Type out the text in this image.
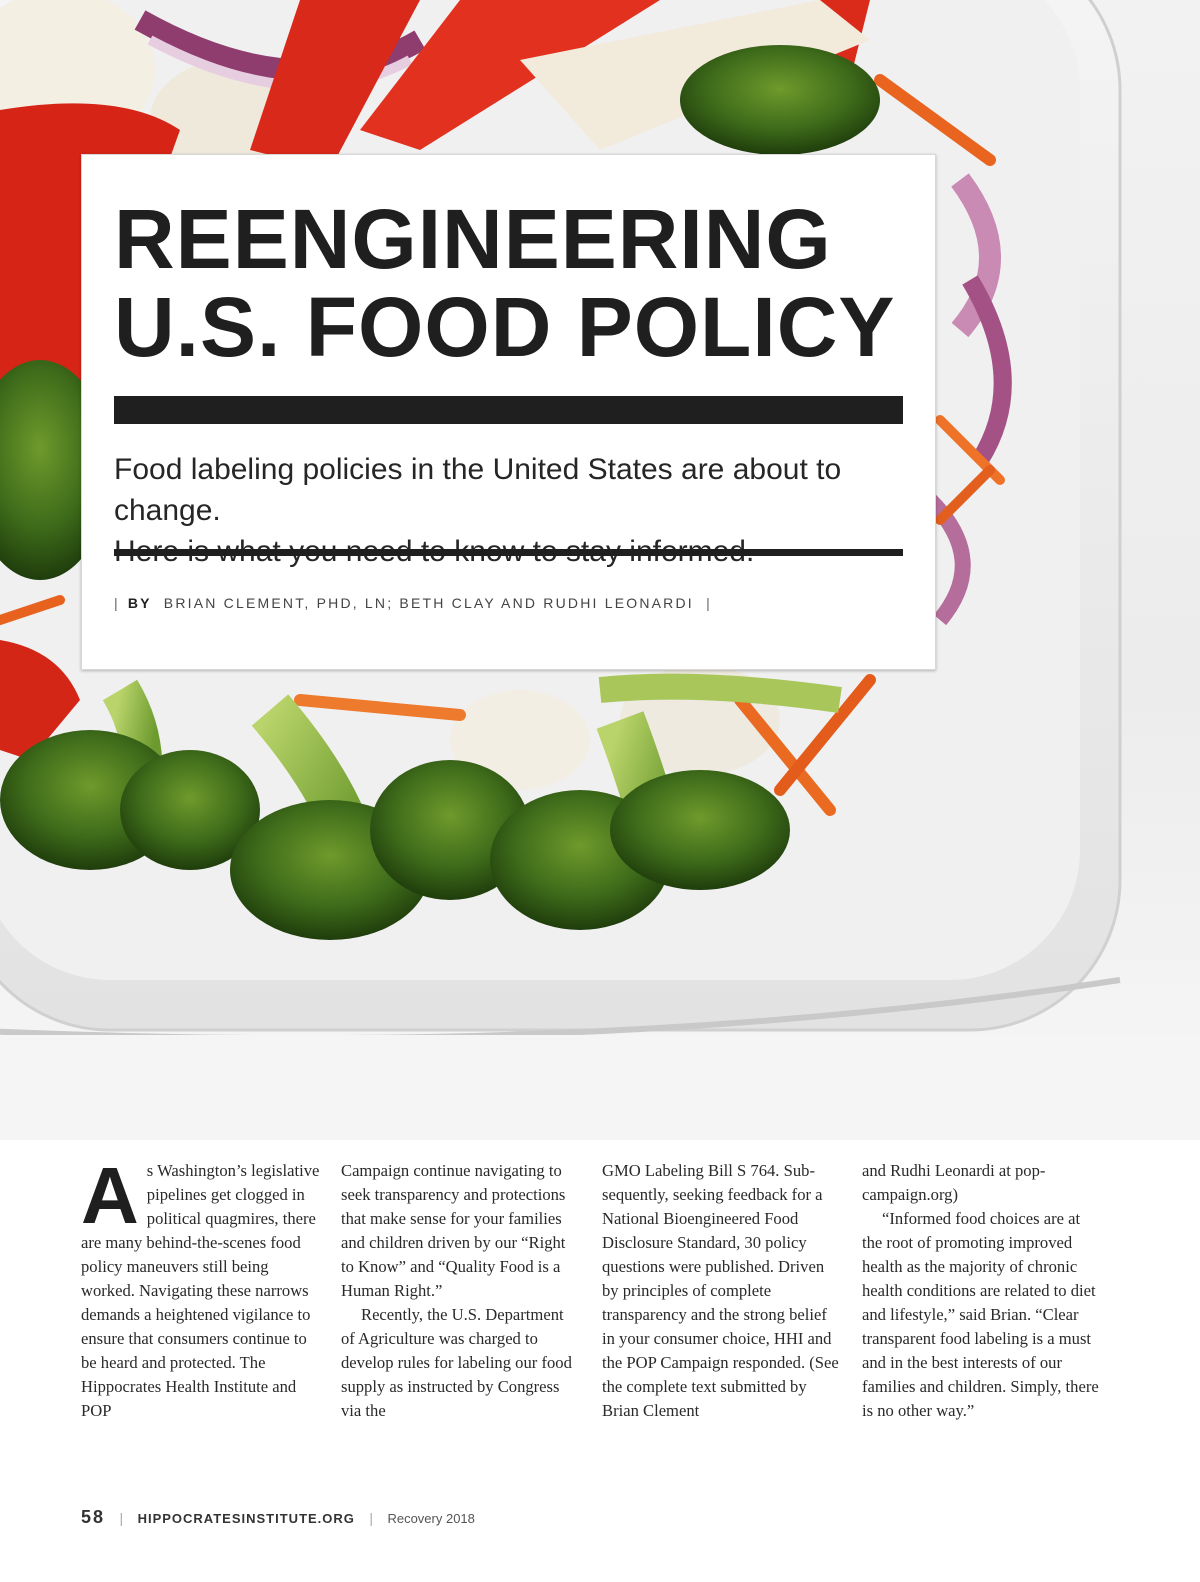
REENGINEERING
U.S. FOOD POLICY

Food labeling policies in the United States are about to change.

| BY BRIAN CLEMENT, PHD, LN; BETH CLAY AND RUDHI LEONARDI  |

As Washington’s legislative pipelines get clogged in political quagmires, there are many behind-the-scenes food policy maneuvers still being worked. Navigating these narrows demands a heightened vigilance to ensure that consumers continue to be heard and protected. The Hippocrates Health Institute and POP

Campaign continue navigating to seek transparency and protections that make sense for your families and children driven by our “Right to Know” and “Quality Food is a Human Right.”

Recently, the U.S. Department of Agriculture was charged to develop rules for labeling our food supply as instructed by Congress via the

GMO Labeling Bill S 764. Subsequently, seeking feedback for a National Bioengineered Food Disclosure Standard, 30 policy questions were published. Driven by principles of complete transparency and the strong belief in your consumer choice, HHI and the POP Campaign responded. (See the complete text submitted by Brian Clement

and Rudhi Leonardi at popcampaign.org)

“Informed food choices are at the root of promoting improved health as the majority of chronic health conditions are related to diet and lifestyle,” said Brian. “Clear transparent food labeling is a must and in the best interests of our families and children. Simply, there is no other way.”

58 | HIPPOCRATESINSTITUTE.ORG | Recovery 2018
